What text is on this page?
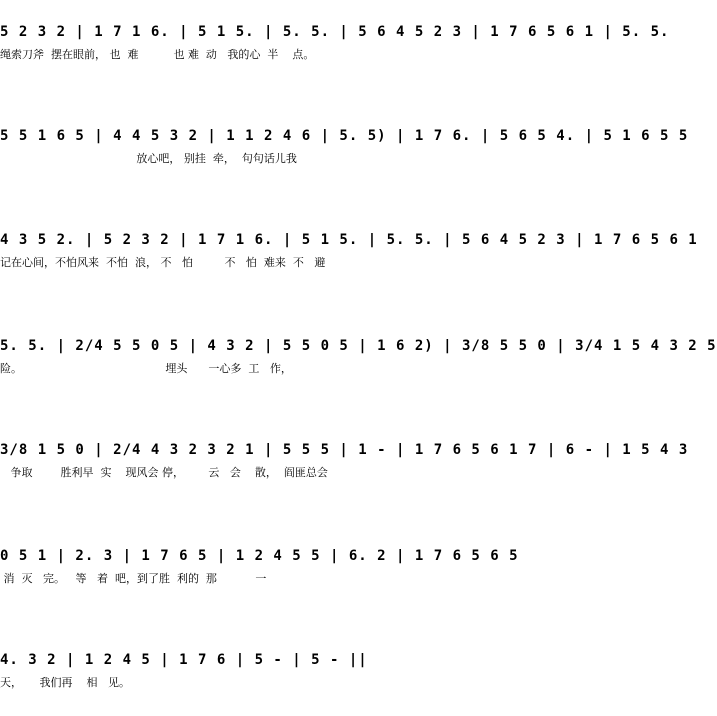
5 2 3 2 | 1 7 1 6. | 5 1 5. | 5. 5. | 5 6 4 5 2 3 | 1 7 6 5 6 1 | 5. 5.
绳索刀斧  摆在眼前， 也  难          也 难  动   我的心  半    点。
5 5 1 6 5 | 4 4 5 3 2 | 1 1 2 4 6 | 5. 5) | 1 7 6. | 5 6 5 4. | 5 1 6 5 5
放心吧， 别挂  牵，  句句话儿我
4 3 5 2. | 5 2 3 2 | 1 7 1 6. | 5 1 5. | 5. 5. | 5 6 4 5 2 3 | 1 7 6 5 6 1
记在心间，不怕风来  不怕  浪， 不   怕         不   怕  难来  不   避
5. 5. | 2/4 5 5 0 5 | 4 3 2 | 5 5 0 5 | 1 6 2) | 3/8 5 5 0 | 3/4 1 5 4 3 2 5
险。                                         埋头      一心多  工   作，
3/8 1 5 0 | 2/4 4 3 2 3 2 1 | 5 5 5 | 1 - | 1 7 6 5 6 1 7 | 6 - | 1 5 4 3
争取        胜利早  实    现风会 停，       云   会    散，  阎匪总会
0 5 1 | 2. 3 | 1 7 6 5 | 1 2 4 5 5 | 6. 2 | 1 7 6 5 6 5
消  灭   完。   等   着  吧，到了胜  利的  那           一
4. 3 2 | 1 2 4 5 | 1 7 6 | 5 - | 5 - ||
天，     我们再    相   见。
